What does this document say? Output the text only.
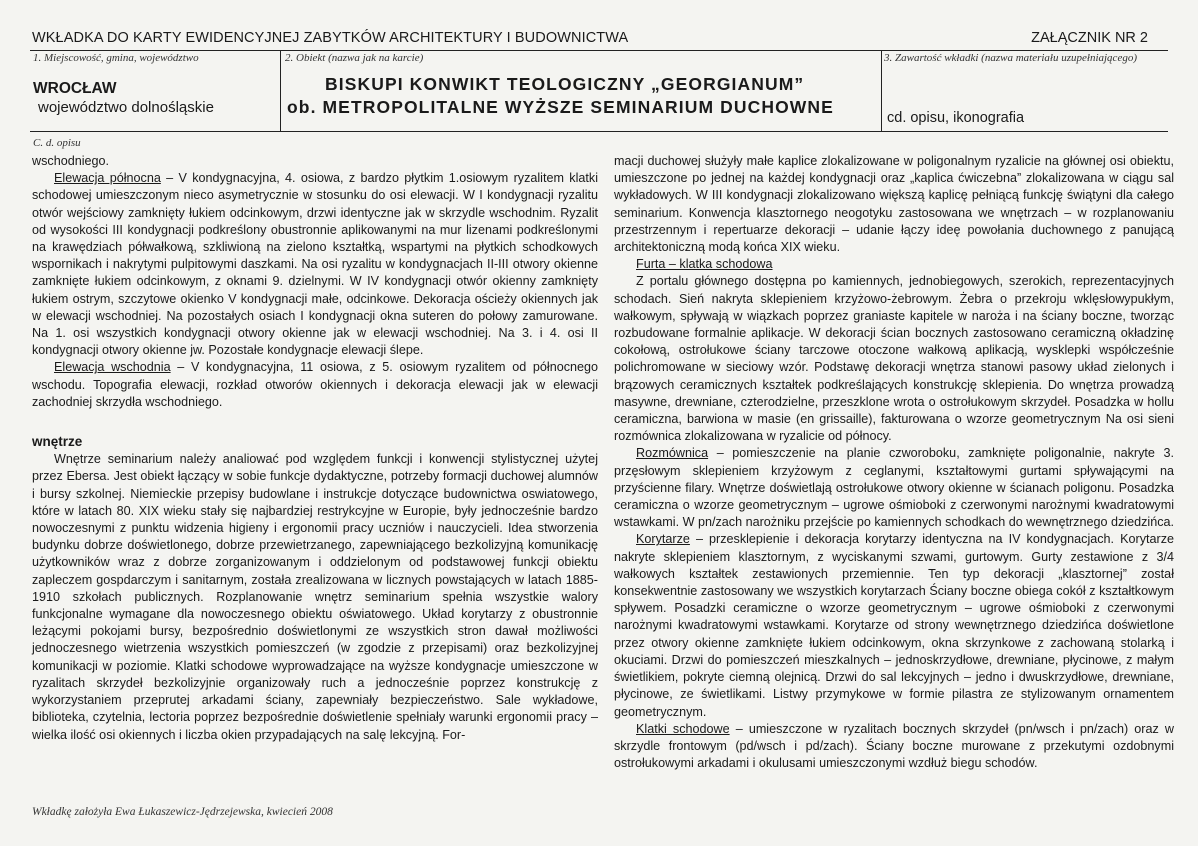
WKŁADKA DO KARTY EWIDENCYJNEJ ZABYTKÓW ARCHITEKTURY I BUDOWNICTWA	ZAŁĄCZNIK NR 2
1. Miejscowość, gmina, województwo
WROCŁAW
województwo dolnośląskie
2. Obiekt (nazwa jak na karcie)
BISKUPI KONWIKT TEOLOGICZNY „GEORGIANUM”
ob. METROPOLITALNE WYŻSZE SEMINARIUM DUCHOWNE
3. Zawartość wkładki (nazwa materiału uzupełniającego)
cd. opisu, ikonografia
C. d. opisu

wschodniego.

Elewacja północna – V kondygnacyjna, 4. osiowa, z bardzo płytkim 1.osiowym ryzalitem klatki schodowej umieszczonym nieco asymetrycznie w stosunku do osi elewacji. W I kondygnacji ryzalitu otwór wejściowy zamknięty łukiem odcinkowym, drzwi identyczne jak w skrzydle wschodnim. Ryzalit od wysokości III kondygnacji podkreślony obustronnie aplikowanymi na mur lizenami podkreślonymi na krawędziach półwałkową, szkliwioną na zielono kształtką, wspartymi na płytkich schodkowych wspornikach i nakrytymi pulpitowymi daszkami. Na osi ryzalitu w kondygnacjach II-III otwory okienne zamknięte łukiem odcinkowym, z oknami 9. dzielnymi. W IV kondygnacji otwór okienny zamknięty łukiem ostrym, szczytowe okienko V kondygnacji małe, odcinkowe. Dekoracja ościeży okiennych jak w elewacji wschodniej. Na pozostałych osiach I kondygnacji okna suteren do połowy zamurowane. Na 1. osi wszystkich kondygnacji otwory okienne jak w elewacji wschodniej. Na 3. i 4. osi II kondygnacji otwory okienne jw. Pozostałe kondygnacje elewacji ślepe.

Elewacja wschodnia – V kondygnacyjna, 11 osiowa, z 5. osiowym ryzalitem od północnego wschodu. Topografia elewacji, rozkład otworów okiennych i dekoracja elewacji jak w elewacji zachodniej skrzydła wschodniego.

wnętrze

Wnętrze seminarium należy analiować pod względem funkcji i konwencji stylistycznej użytej przez Ebersa. Jest obiekt łączący w sobie funkcje dydaktyczne, potrzeby formacji duchowej alumnów i bursy szkolnej. Niemieckie przepisy budowlane i instrukcje dotyczące budownictwa oswiatowego, które w latach 80. XIX wieku stały się najbardziej restrykcyjne w Europie, były jednocześnie bardzo nowoczesnymi z punktu widzenia higieny i ergonomii pracy uczniów i nauczycieli. Idea stworzenia budynku dobrze doświetlonego, dobrze przewietrzanego, zapewniającego bezkolizyjną komunikację użytkowników wraz z dobrze zorganizowanym i oddzielonym od podstawowej funkcji obiektu zapleczem gospdarczym i sanitarnym, została zrealizowana w licznych powstających w latach 1885-1910 szkołach publicznych. Rozplanowanie wnętrz seminarium spełnia wszystkie walory funkcjonalne wymagane dla nowoczesnego obiektu oświatowego. Układ korytarzy z obustronnie leżącymi pokojami bursy, bezpośrednio doświetlonymi ze wszystkich stron dawał możliwości jednoczesnego wietrzenia wszystkich pomieszczeń (w zgodzie z przepisami) oraz bezkolizyjnej komunikacji w poziomie. Klatki schodowe wyprowadzające na wyższe kondygnacje umieszczone w ryzalitach skrzydeł bezkolizyjnie organizowały ruch a jednocześnie poprzez konstrukcję z wykorzystaniem przeprutej arkadami ściany, zapewniały bezpieczeństwo. Sale wykładowe, biblioteka, czytelnia, lectoria poprzez bezpośrednie doświetlenie spełniały warunki ergonomii pracy – wielka ilość osi okiennych i liczba okien przypadających na salę lekcyjną. For-

macji duchowej służyły małe kaplice zlokalizowane w poligonalnym ryzalicie na głównej osi obiektu, umieszczone po jednej na każdej kondygnacji oraz „kaplica ćwiczebna” zlokalizowana w ciągu sal wykładowych. W III kondygnacji zlokalizowano większą kaplicę pełniącą funkcję świątyni dla całego seminarium. Konwencja klasztornego neogotyku zastosowana we wnętrzach – w rozplanowaniu przestrzennym i repertuarze dekoracji – udanie łączy ideę powołania duchownego z panującą architektoniczną modą końca XIX wieku.

Furta – klatka schodowa

Z portalu głównego dostępna po kamiennych, jednobiegowych, szerokich, reprezentacyjnych schodach. Sień nakryta sklepieniem krzyżowo-żebrowym. Żebra o przekroju wklęsłowypukłym, wałkowym, spływają w wiązkach poprzez graniaste kapitele w naroża i na ściany boczne, tworząc rozbudowane formalnie aplikacje. W dekoracji ścian bocznych zastosowano ceramiczną okładzinę cokołową, ostrołukowe ściany tarczowe otoczone wałkową aplikacją, wysklepki współcześnie polichromowane w sieciowy wzór. Podstawę dekoracji wnętrza stanowi pasowy układ zielonych i brązowych ceramicznych kształtek podkreślających konstrukcję sklepienia. Do wnętrza prowadzą masywne, drewniane, czterodzielne, przeszklone wrota o ostrołukowym skrzydeł. Posadzka w hollu ceramiczna, barwiona w masie (en grissaille), fakturowana o wzorze geometrycznym Na osi sieni rozmównica zlokalizowana w ryzalicie od północy.

Rozmównica – pomieszczenie na planie czworoboku, zamknięte poligonalnie, nakryte 3. przęsłowym sklepieniem krzyżowym z ceglanymi, kształtowymi gurtami spływającymi na przyścienne filary. Wnętrze doświetlają ostrołukowe otwory okienne w ścianach poligonu. Posadzka ceramiczna o wzorze geometrycznym – ugrowe ośmioboki z czerwonymi narożnymi kwadratowymi wstawkami. W pn/zach narożniku przejście po kamiennych schodkach do wewnętrznego dziedzińca.

Korytarze – przesklepienie i dekoracja korytarzy identyczna na IV kondygnacjach. Korytarze nakryte sklepieniem klasztornym, z wyciskanymi szwami, gurtowym. Gurty zestawione z 3/4 wałkowych kształtek zestawionych przemiennie. Ten typ dekoracji „klasztornej” został konsekwentnie zastosowany we wszystkich korytarzach Ściany boczne obiega cokół z kształtkowym spływem. Posadzki ceramiczne o wzorze geometrycznym – ugrowe ośmioboki z czerwonymi narożnymi kwadratowymi wstawkami. Korytarze od strony wewnętrznego dziedzińca doświetlone przez otwory okienne zamknięte łukiem odcinkowym, okna skrzynkowe z zachowaną stolarką i okuciami. Drzwi do pomieszczeń mieszkalnych – jednoskrzydłowe, drewniane, płycinowe, z małym świetlikiem, pokryte ciemną olejnicą. Drzwi do sal lekcyjnych – jedno i dwuskrzydłowe, drewniane, płycinowe, ze świetlikami. Listwy przymykowe w formie pilastra ze stylizowanym ornamentem geometrycznym.

Klatki schodowe – umieszczone w ryzalitach bocznych skrzydeł (pn/wsch i pn/zach) oraz w skrzydle frontowym (pd/wsch i pd/zach). Ściany boczne murowane z przekutymi ozdobnymi ostrołukowymi arkadami i okulusami umieszczonymi wzdłuż biegu schodów.

Wkładkę założyła Ewa Łukaszewicz-Jędrzejewska, kwiecień 2008
